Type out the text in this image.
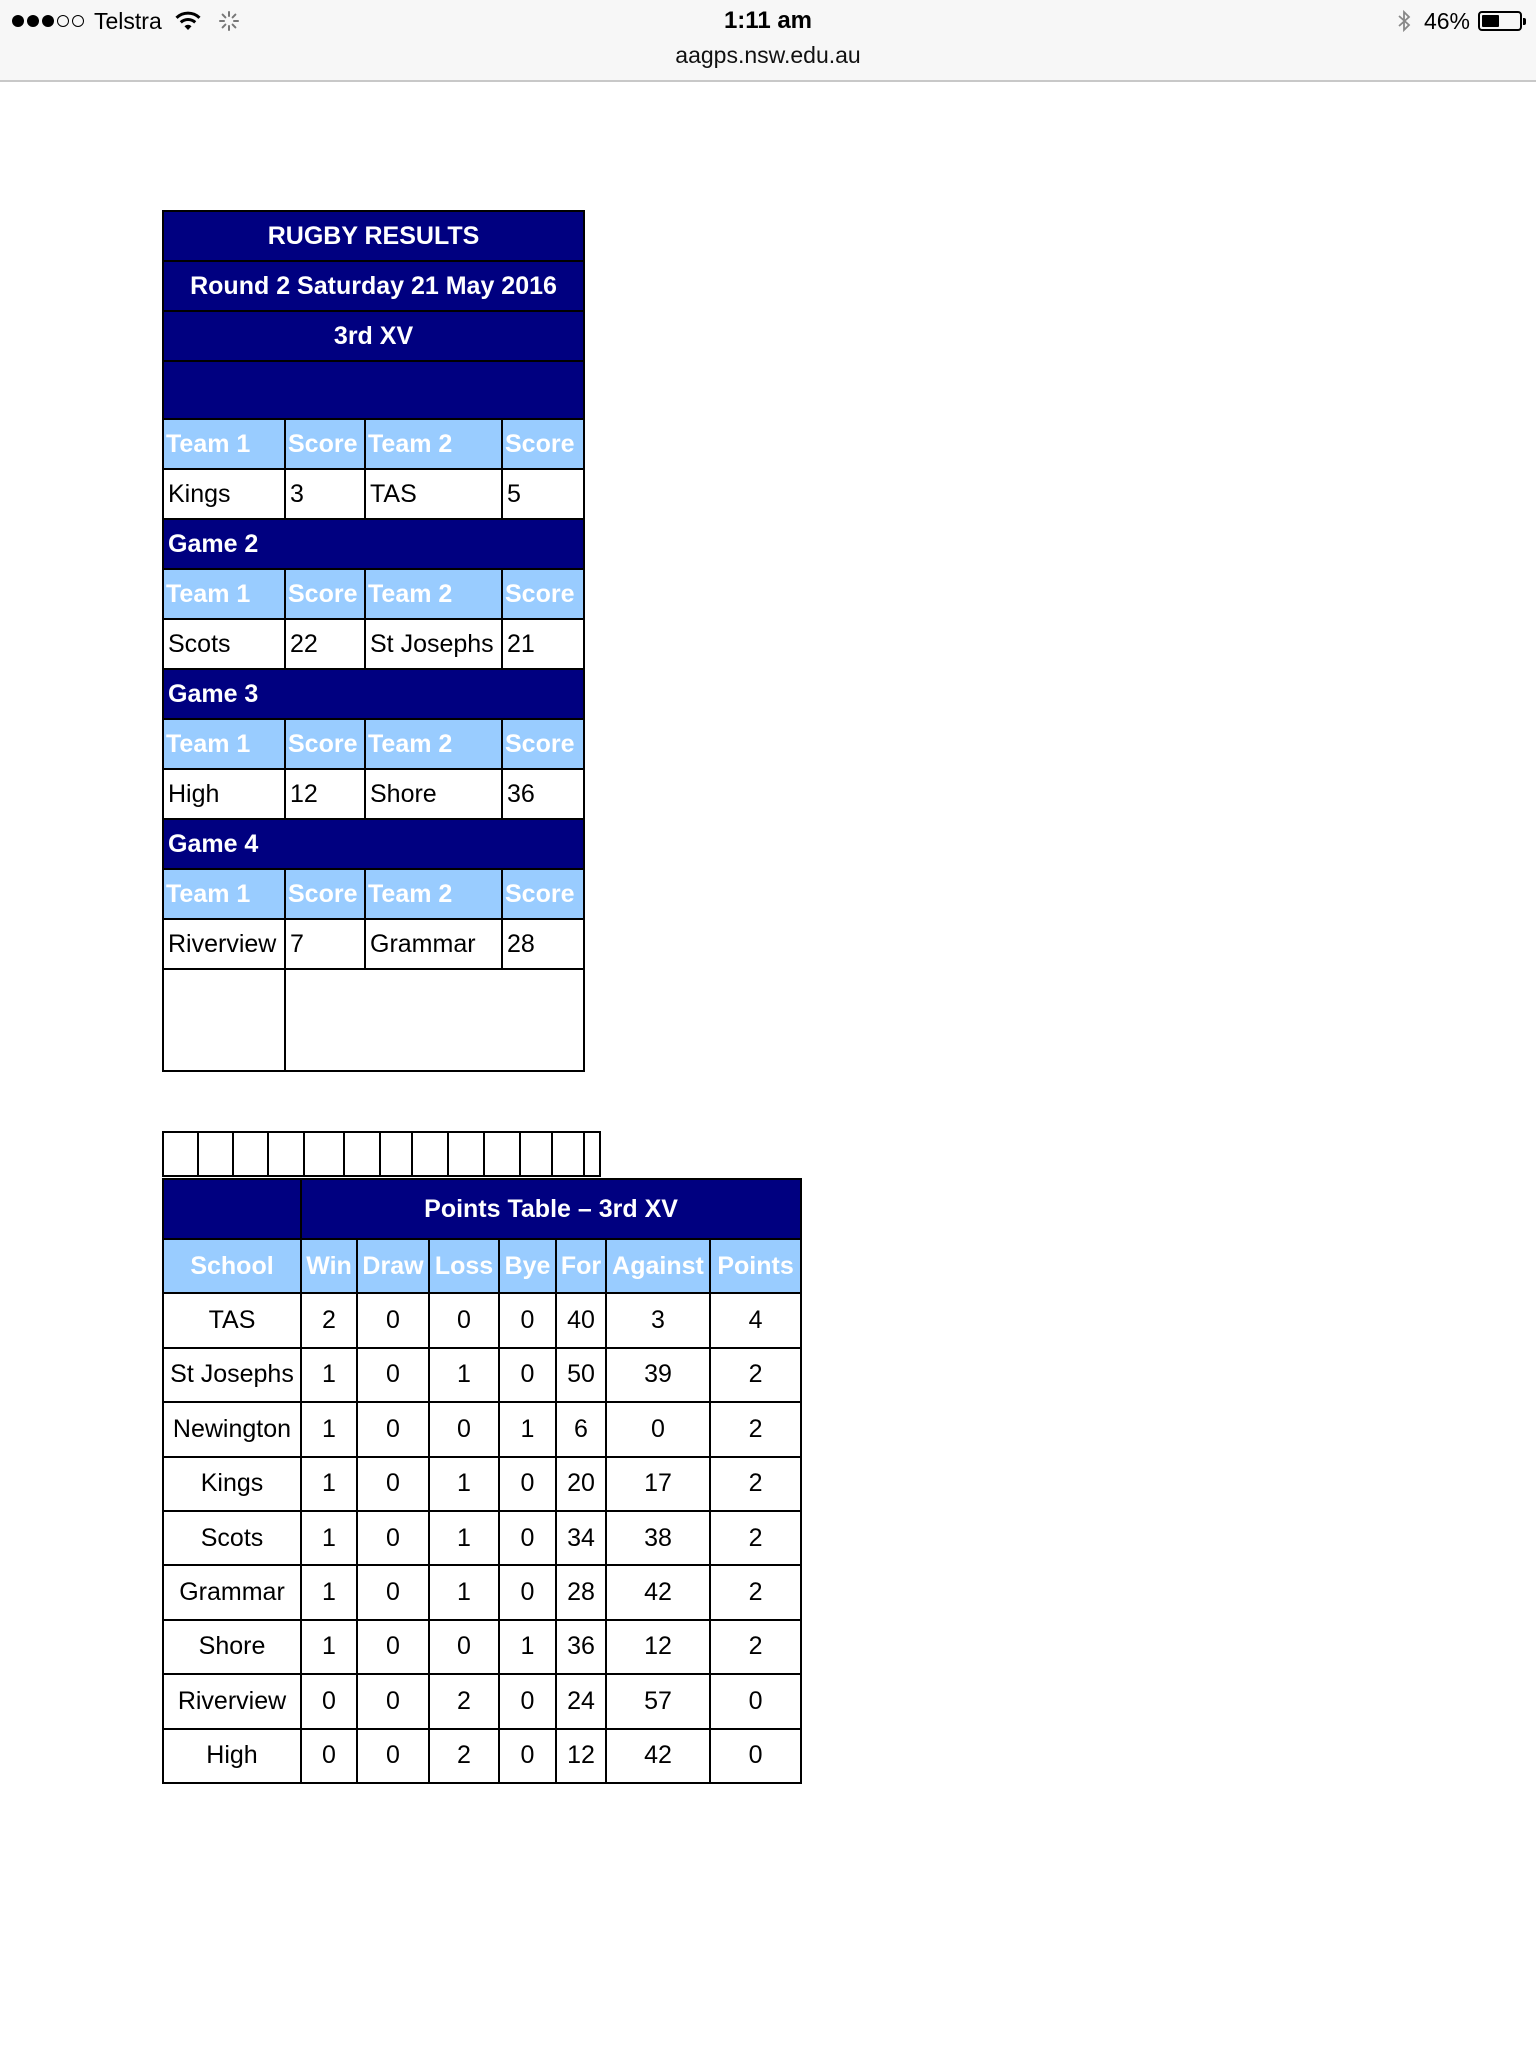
Telstra	1:11 am
aagps.nsw.edu.au
46%
RUGBY RESULTS			
Round 2 Saturday 21 May 2016			
3rd XV			

Team 1	Score	Team 2	Score
Kings	3	TAS	5
Game 2			
Team 1	Score	Team 2	Score
Scots	22	St Josephs	21
Game 3			
Team 1	Score	Team 2	Score
High	12	Shore	36
Game 4			
Team 1	Score	Team 2	Score
Riverview	7	Grammar	28

	Points Table – 3rd XV						
School	Win	Draw	Loss	Bye	For	Against	Points
TAS	2	0	0	0	40	3	4
St Josephs	1	0	1	0	50	39	2
Newington	1	0	0	1	6	0	2
Kings	1	0	1	0	20	17	2
Scots	1	0	1	0	34	38	2
Grammar	1	0	1	0	28	42	2
Shore	1	0	0	1	36	12	2
Riverview	0	0	2	0	24	57	0
High	0	0	2	0	12	42	0
